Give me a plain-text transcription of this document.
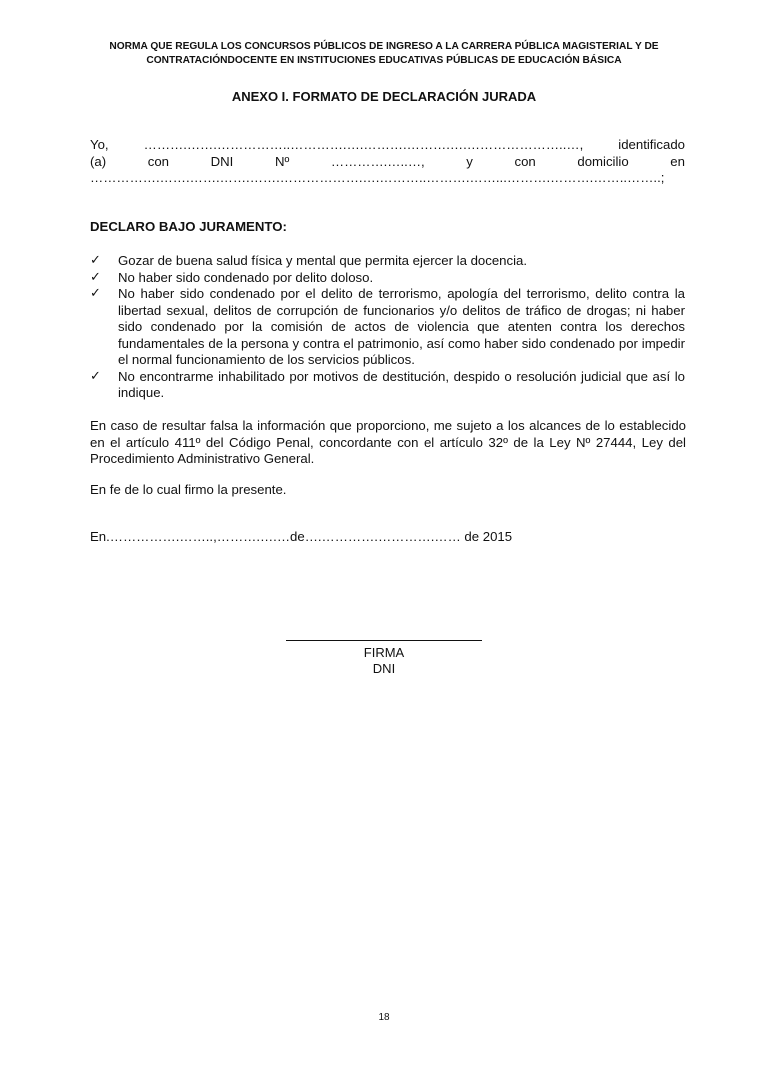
NORMA QUE REGULA LOS CONCURSOS PÚBLICOS DE INGRESO A LA CARRERA PÚBLICA MAGISTERIAL Y DE
CONTRATACIÓNDOCENTE EN INSTITUCIONES EDUCATIVAS PÚBLICAS DE EDUCACIÓN BÁSICA
ANEXO I. FORMATO DE DECLARACIÓN JURADA
Yo,	……….…….……………..………….….……….……….….…………………..…,	identificado
(a)	con	DNI	Nº	………….…..…,	y	con	domicilio	en
…………….…….…….…….…….……………….….………..……….……...……….……….……..……..;
DECLARO BAJO JURAMENTO:
✓ Gozar de buena salud física y mental que permita ejercer la docencia.
✓ No haber sido condenado por delito doloso.
✓ No haber sido condenado por el delito de terrorismo, apología del terrorismo, delito contra la libertad sexual, delitos de corrupción de funcionarios y/o delitos de tráfico de drogas; ni haber sido condenado por la comisión de actos de violencia que atenten contra los derechos fundamentales de la persona y contra el patrimonio, así como haber sido condenado por impedir el normal funcionamiento de los servicios públicos.
✓ No encontrarme inhabilitado por motivos de destitución, despido o resolución judicial que así lo indique.
En caso de resultar falsa la información que proporciono, me sujeto a los alcances de lo establecido en el artículo 411º del Código Penal, concordante con el artículo 32º de la Ley Nº 27444, Ley del Procedimiento Administrativo General.
En fe de lo cual firmo la presente.
En.…………….……..,……….….…de….………….………….…… de 2015
FIRMA
DNI
18
